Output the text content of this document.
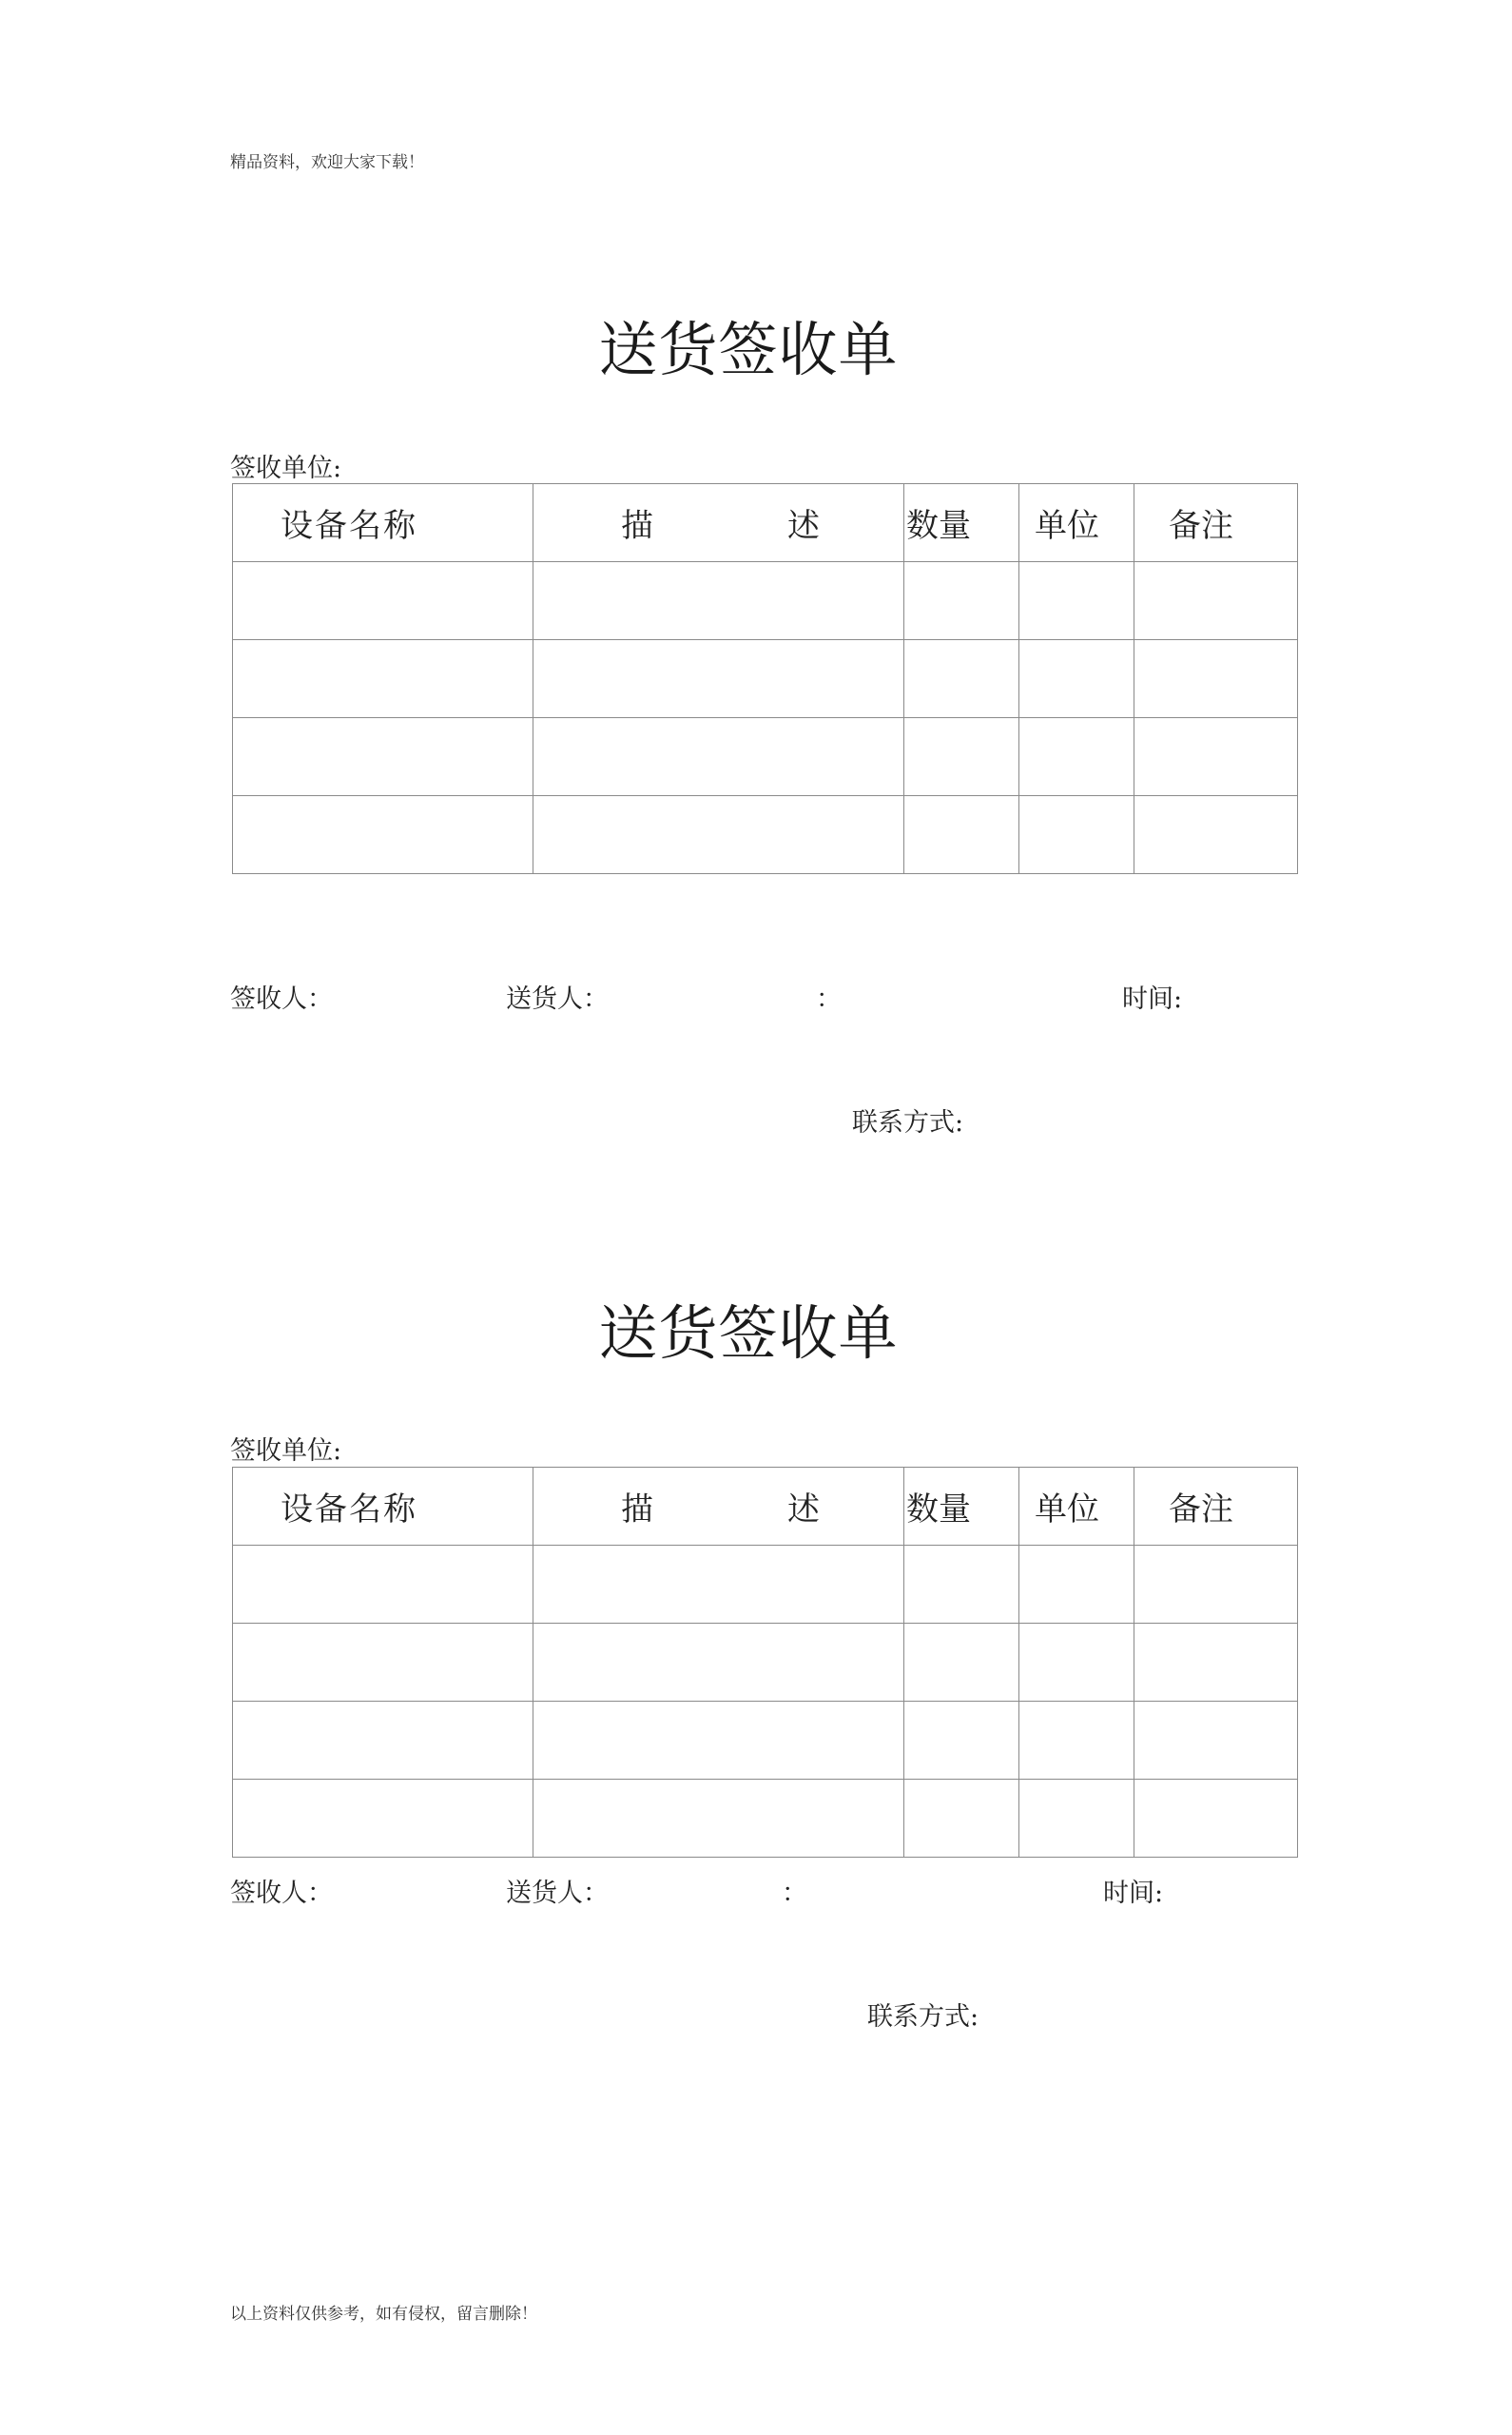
精品资料，欢迎大家下载！
送货签收单
签收单位:
设备名称	描 述	数量	单位	备注

签收人：	送货人：	：	时间:
联系方式:
送货签收单
签收单位:
设备名称	描 述	数量	单位	备注

签收人：	送货人：	：	时间:
联系方式:
以上资料仅供参考，如有侵权，留言删除！
